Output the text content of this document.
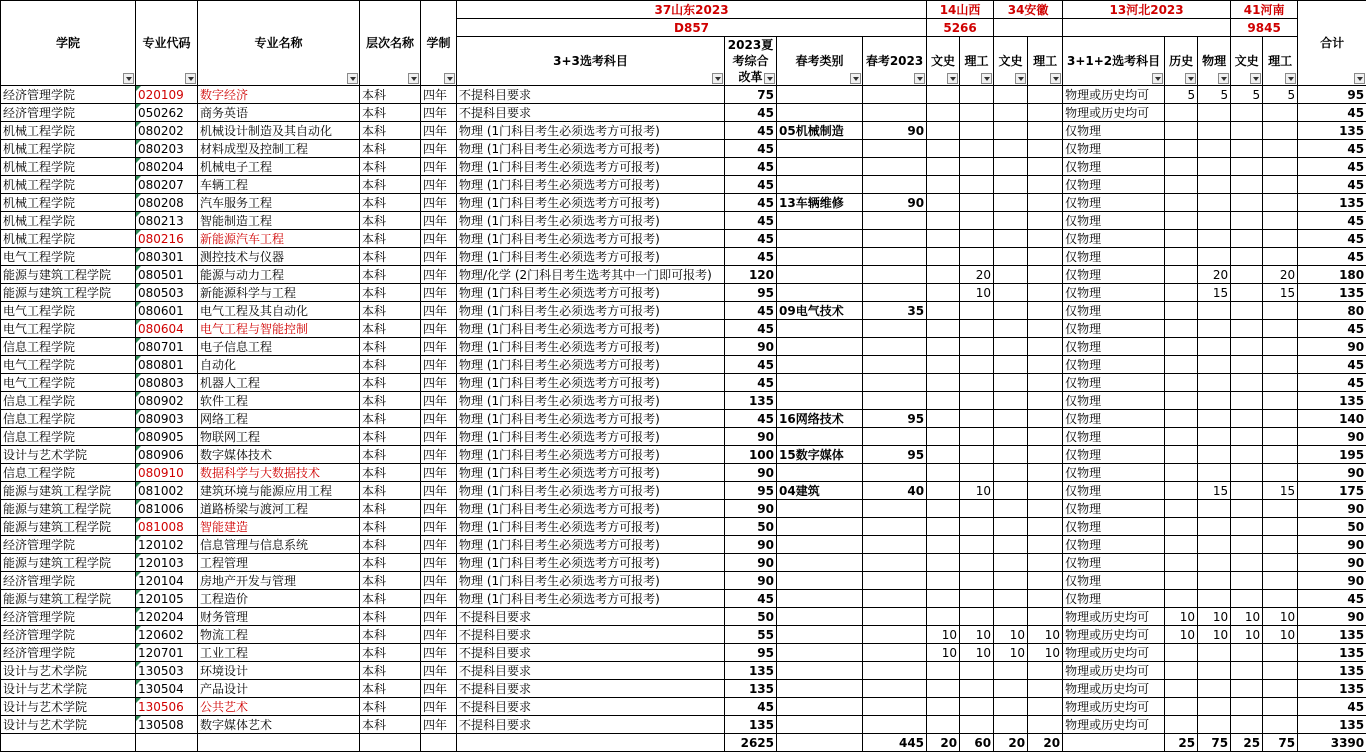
学院	专业代码	专业名称	层次名称	学制	37山东2023				14山西		34安徽		13河北2023			41河南		合计

					D857				5266							9845		
					3+3选考科目	2023夏考综合改革	春考类别	春考2023	文史	理工	文史	理工	3+1+2选考科目	历史	物理	文史	理工	

经济管理学院	020109	数字经济	本科	四年	不提科目要求	75							物理或历史均可	5	5	5	5	95
经济管理学院	050262	商务英语	本科	四年	不提科目要求	45							物理或历史均可					45
机械工程学院	080202	机械设计制造及其自动化	本科	四年	物理 (1门科目考生必须选考方可报考)	45	05机械制造	90					仅物理					135
机械工程学院	080203	材料成型及控制工程	本科	四年	物理 (1门科目考生必须选考方可报考)	45							仅物理					45
机械工程学院	080204	机械电子工程	本科	四年	物理 (1门科目考生必须选考方可报考)	45							仅物理					45
机械工程学院	080207	车辆工程	本科	四年	物理 (1门科目考生必须选考方可报考)	45							仅物理					45
机械工程学院	080208	汽车服务工程	本科	四年	物理 (1门科目考生必须选考方可报考)	45	13车辆维修	90					仅物理					135
机械工程学院	080213	智能制造工程	本科	四年	物理 (1门科目考生必须选考方可报考)	45							仅物理					45
机械工程学院	080216	新能源汽车工程	本科	四年	物理 (1门科目考生必须选考方可报考)	45							仅物理					45
电气工程学院	080301	测控技术与仪器	本科	四年	物理 (1门科目考生必须选考方可报考)	45							仅物理					45
能源与建筑工程学院	080501	能源与动力工程	本科	四年	物理/化学 (2门科目考生选考其中一门即可报考)	120				20			仅物理		20		20	180
能源与建筑工程学院	080503	新能源科学与工程	本科	四年	物理 (1门科目考生必须选考方可报考)	95				10			仅物理		15		15	135
电气工程学院	080601	电气工程及其自动化	本科	四年	物理 (1门科目考生必须选考方可报考)	45	09电气技术	35					仅物理					80
电气工程学院	080604	电气工程与智能控制	本科	四年	物理 (1门科目考生必须选考方可报考)	45							仅物理					45
信息工程学院	080701	电子信息工程	本科	四年	物理 (1门科目考生必须选考方可报考)	90							仅物理					90
电气工程学院	080801	自动化	本科	四年	物理 (1门科目考生必须选考方可报考)	45							仅物理					45
电气工程学院	080803	机器人工程	本科	四年	物理 (1门科目考生必须选考方可报考)	45							仅物理					45
信息工程学院	080902	软件工程	本科	四年	物理 (1门科目考生必须选考方可报考)	135							仅物理					135
信息工程学院	080903	网络工程	本科	四年	物理 (1门科目考生必须选考方可报考)	45	16网络技术	95					仅物理					140
信息工程学院	080905	物联网工程	本科	四年	物理 (1门科目考生必须选考方可报考)	90							仅物理					90
设计与艺术学院	080906	数字媒体技术	本科	四年	物理 (1门科目考生必须选考方可报考)	100	15数字媒体	95					仅物理					195
信息工程学院	080910	数据科学与大数据技术	本科	四年	物理 (1门科目考生必须选考方可报考)	90							仅物理					90
能源与建筑工程学院	081002	建筑环境与能源应用工程	本科	四年	物理 (1门科目考生必须选考方可报考)	95	04建筑	40		10			仅物理		15		15	175
能源与建筑工程学院	081006	道路桥梁与渡河工程	本科	四年	物理 (1门科目考生必须选考方可报考)	90							仅物理					90
能源与建筑工程学院	081008	智能建造	本科	四年	物理 (1门科目考生必须选考方可报考)	50							仅物理					50
经济管理学院	120102	信息管理与信息系统	本科	四年	物理 (1门科目考生必须选考方可报考)	90							仅物理					90
能源与建筑工程学院	120103	工程管理	本科	四年	物理 (1门科目考生必须选考方可报考)	90							仅物理					90
经济管理学院	120104	房地产开发与管理	本科	四年	物理 (1门科目考生必须选考方可报考)	90							仅物理					90
能源与建筑工程学院	120105	工程造价	本科	四年	物理 (1门科目考生必须选考方可报考)	45							仅物理					45
经济管理学院	120204	财务管理	本科	四年	不提科目要求	50							物理或历史均可	10	10	10	10	90
经济管理学院	120602	物流工程	本科	四年	不提科目要求	55			10	10	10	10	物理或历史均可	10	10	10	10	135
经济管理学院	120701	工业工程	本科	四年	不提科目要求	95			10	10	10	10	物理或历史均可					135
设计与艺术学院	130503	环境设计	本科	四年	不提科目要求	135							物理或历史均可					135
设计与艺术学院	130504	产品设计	本科	四年	不提科目要求	135							物理或历史均可					135
设计与艺术学院	130506	公共艺术	本科	四年	不提科目要求	45							物理或历史均可					45
设计与艺术学院	130508	数字媒体艺术	本科	四年	不提科目要求	135							物理或历史均可					135
						2625		445	20	60	20	20		25	75	25	75	3390
